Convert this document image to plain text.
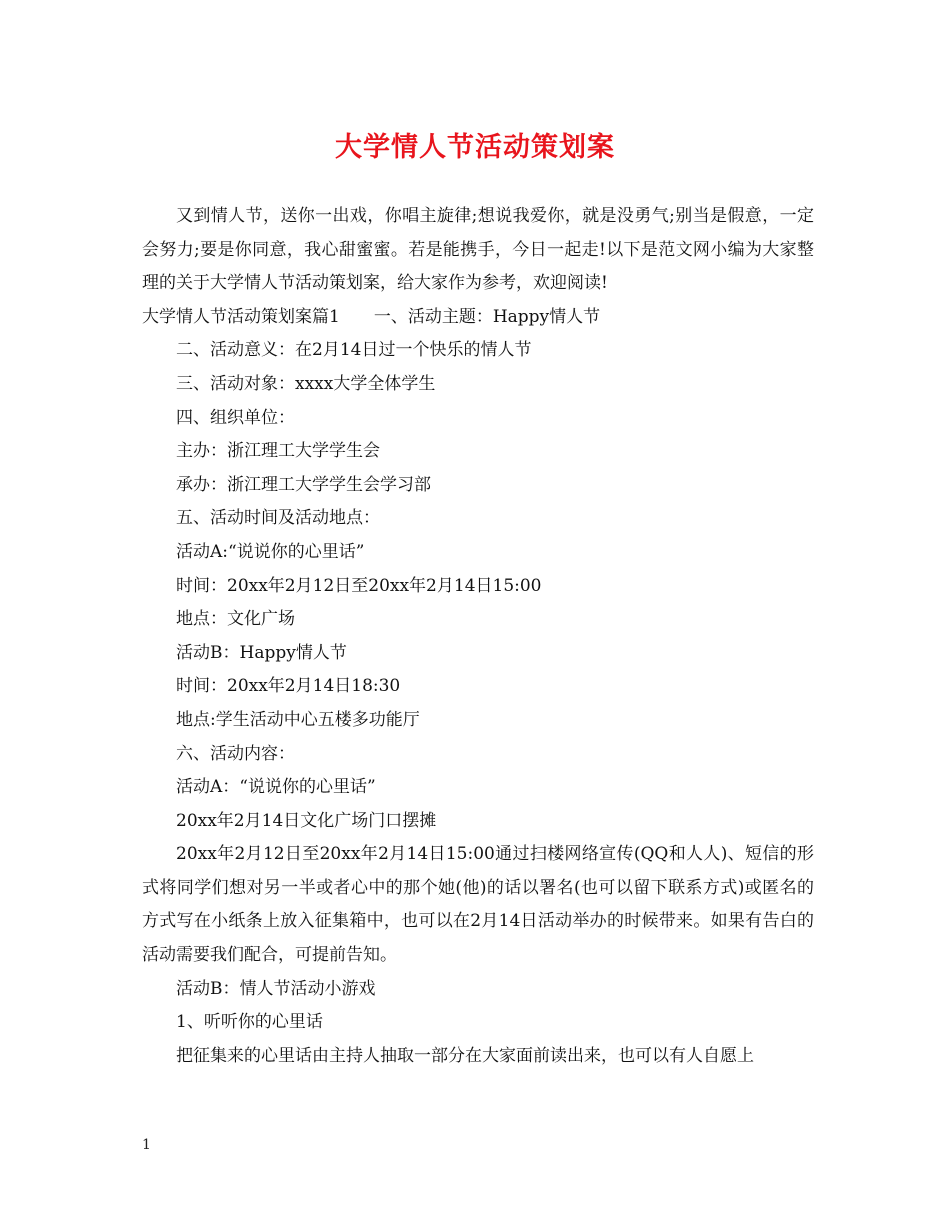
大学情人节活动策划案

又到情人节，送你一出戏，你唱主旋律;想说我爱你，就是没勇气;别当是假意，一定会努力;要是你同意，我心甜蜜蜜。若是能携手，今日一起走!以下是范文网小编为大家整理的关于大学情人节活动策划案，给大家作为参考，欢迎阅读!

大学情人节活动策划案篇1　　一、活动主题：Happy情人节

二、活动意义：在2月14日过一个快乐的情人节

三、活动对象：xxxx大学全体学生

四、组织单位：

主办：浙江理工大学学生会

承办：浙江理工大学学生会学习部

五、活动时间及活动地点：

活动A:“说说你的心里话”

时间：20xx年2月12日至20xx年2月14日15:00

地点：文化广场

活动B：Happy情人节

时间：20xx年2月14日18:30

地点:学生活动中心五楼多功能厅

六、活动内容：

活动A：“说说你的心里话”

20xx年2月14日文化广场门口摆摊

20xx年2月12日至20xx年2月14日15:00通过扫楼网络宣传(QQ和人人)、短信的形式将同学们想对另一半或者心中的那个她(他)的话以署名(也可以留下联系方式)或匿名的方式写在小纸条上放入征集箱中，也可以在2月14日活动举办的时候带来。如果有告白的活动需要我们配合，可提前告知。

活动B：情人节活动小游戏

1、听听你的心里话

把征集来的心里话由主持人抽取一部分在大家面前读出来，也可以有人自愿上

1
